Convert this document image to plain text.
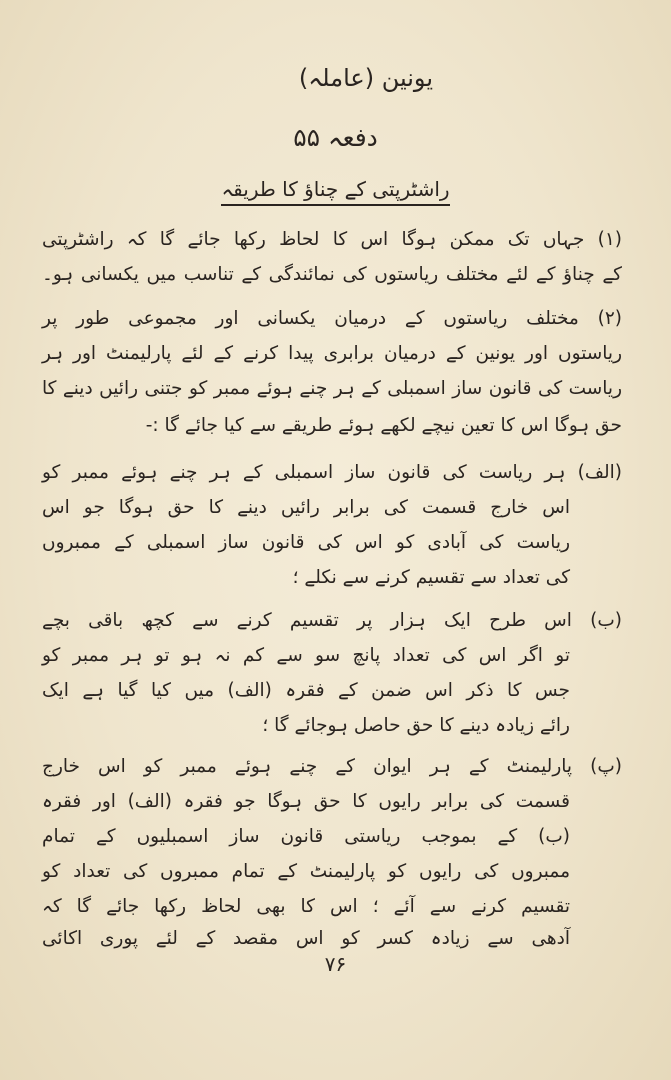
یونین (عاملہ)
دفعہ ۵۵
راشٹرپتی کے چناؤ کا طریقہ
(۱) جہاں تک ممکن ہوگا اس کا لحاظ رکھا جائے گا کہ راشٹرپتی
کے چناؤ کے لئے مختلف ریاستوں کی نمائندگی کے تناسب میں یکسانی ہو۔
(۲) مختلف ریاستوں کے درمیان یکسانی اور مجموعی طور پر
ریاستوں اور یونین کے درمیان برابری پیدا کرنے کے لئے پارلیمنٹ اور ہر
ریاست کی قانون ساز اسمبلی کے ہر چنے ہوئے ممبر کو جتنی رائیں دینے کا
حق ہوگا اس کا تعین نیچے لکھے ہوئے طریقے سے کیا جائے گا :-
(الف) ہر ریاست کی قانون ساز اسمبلی کے ہر چنے ہوئے ممبر کو
اس خارج قسمت کی برابر رائیں دینے کا حق ہوگا جو اس
ریاست کی آبادی کو اس کی قانون ساز اسمبلی کے ممبروں
کی تعداد سے تقسیم کرنے سے نکلے ؛
(ب) اس طرح ایک ہزار پر تقسیم کرنے سے کچھ باقی بچے
تو اگر اس کی تعداد پانچ سو سے کم نہ ہو تو ہر ممبر کو
جس کا ذکر اس ضمن کے فقرہ (الف) میں کیا گیا ہے ایک
رائے زیادہ دینے کا حق حاصل ہوجائے گا ؛
(پ) پارلیمنٹ کے ہر ایوان کے چنے ہوئے ممبر کو اس خارج
قسمت کی برابر رایوں کا حق ہوگا جو فقرہ (الف) اور فقرہ
(ب) کے بموجب ریاستی قانون ساز اسمبلیوں کے تمام
ممبروں کی رایوں کو پارلیمنٹ کے تمام ممبروں کی تعداد کو
تقسیم کرنے سے آئے ؛ اس کا بھی لحاظ رکھا جائے گا کہ
آدھی سے زیادہ کسر کو اس مقصد کے لئے پوری اکائی
۷۶
